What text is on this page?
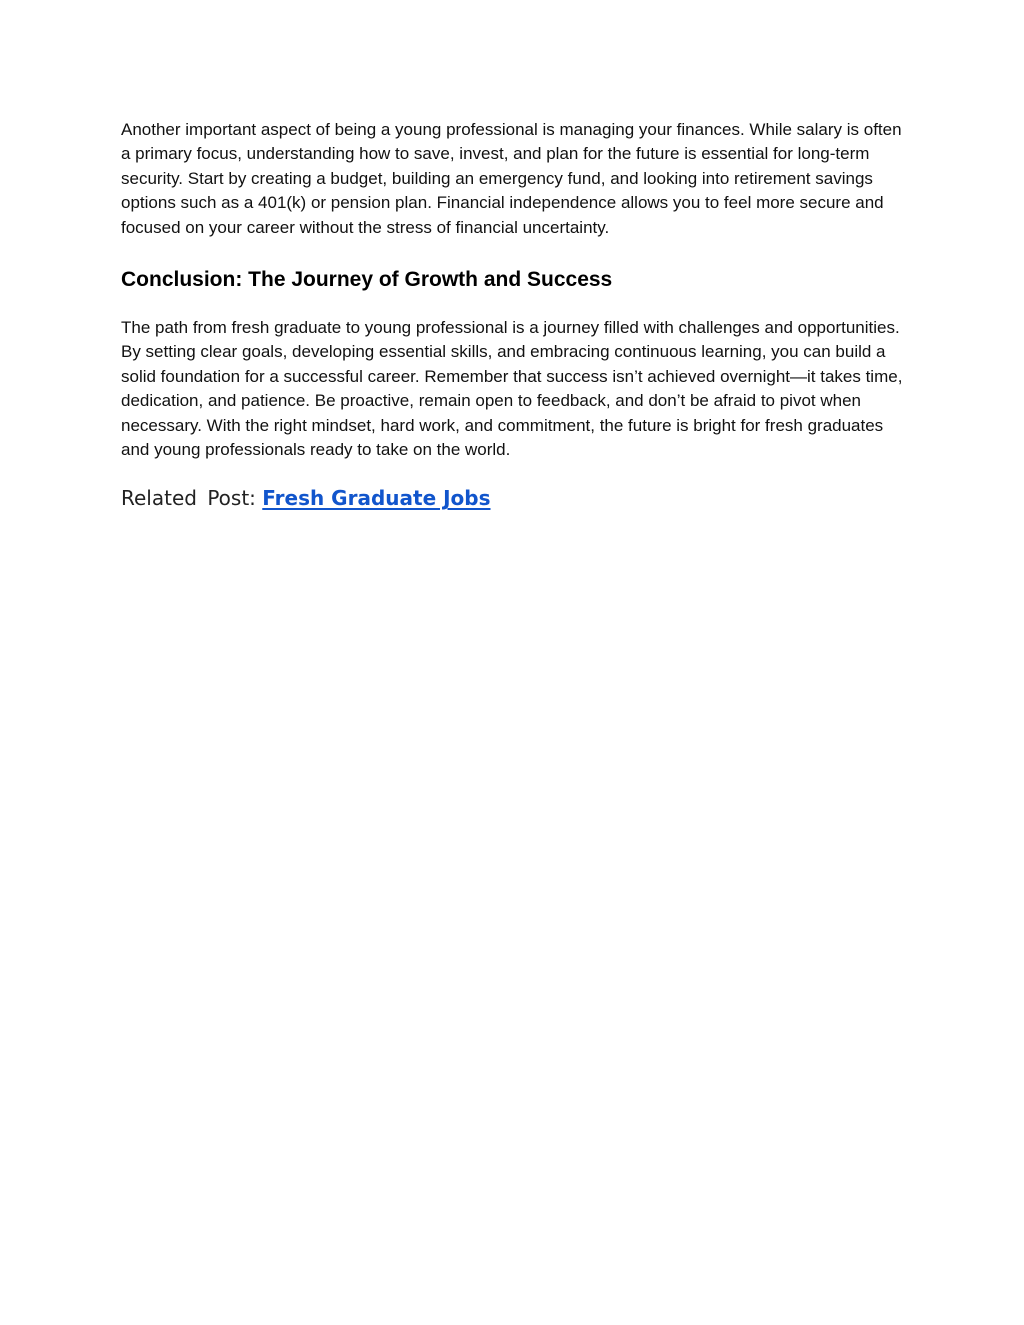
Another important aspect of being a young professional is managing your finances. While salary is often a primary focus, understanding how to save, invest, and plan for the future is essential for long-term security. Start by creating a budget, building an emergency fund, and looking into retirement savings options such as a 401(k) or pension plan. Financial independence allows you to feel more secure and focused on your career without the stress of financial uncertainty.

Conclusion: The Journey of Growth and Success

The path from fresh graduate to young professional is a journey filled with challenges and opportunities. By setting clear goals, developing essential skills, and embracing continuous learning, you can build a solid foundation for a successful career. Remember that success isn’t achieved overnight—it takes time, dedication, and patience. Be proactive, remain open to feedback, and don’t be afraid to pivot when necessary. With the right mindset, hard work, and commitment, the future is bright for fresh graduates and young professionals ready to take on the world.

Related Post: Fresh Graduate Jobs
